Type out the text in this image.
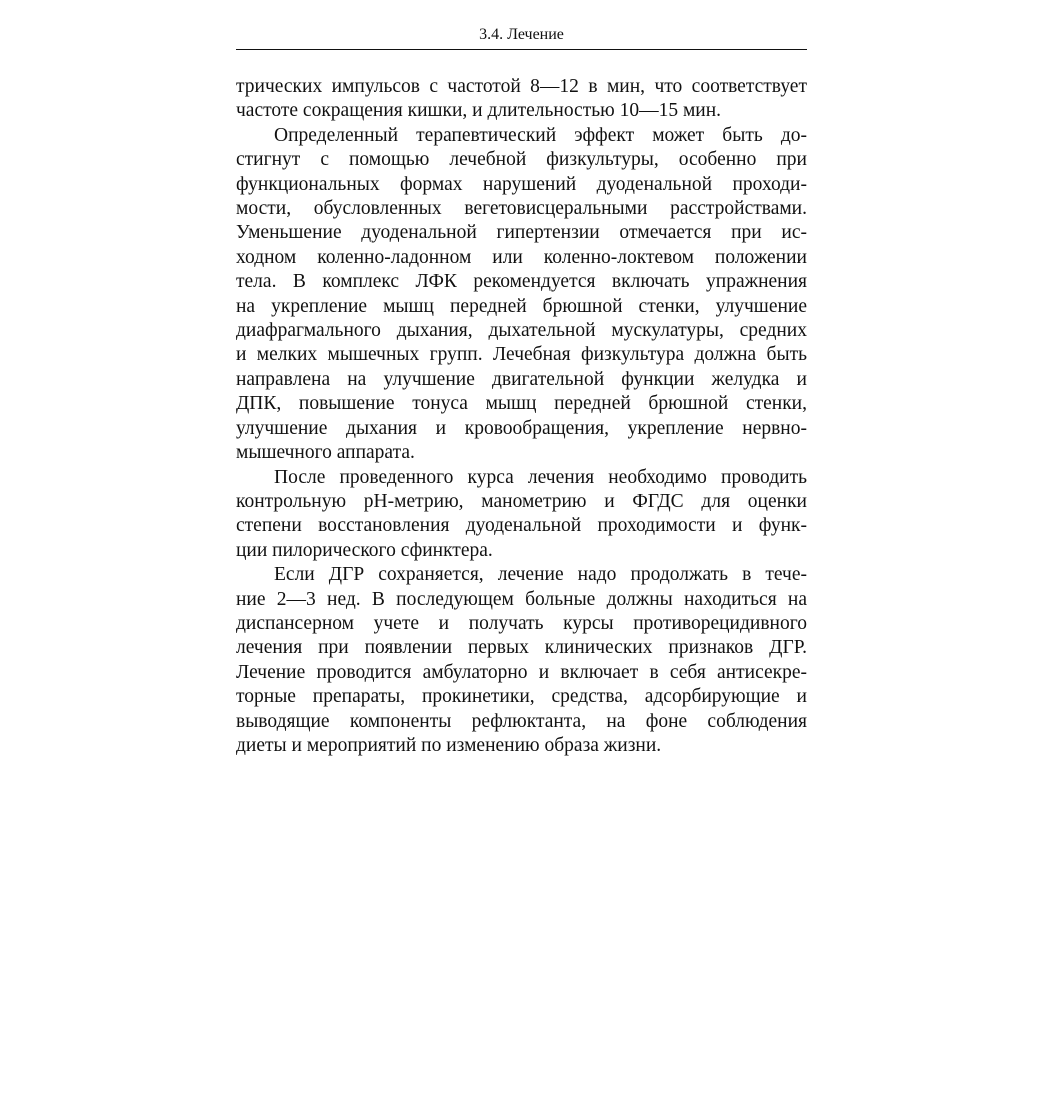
3.4. Лечение

трических импульсов с частотой 8—12 в мин, что соответствует
частоте сокращения кишки, и длительностью 10—15 мин.

Определенный терапевтический эффект может быть до-
стигнут с помощью лечебной физкультуры, особенно при
функциональных формах нарушений дуоденальной проходи-
мости, обусловленных вегетовисцеральными расстройствами.
Уменьшение дуоденальной гипертензии отмечается при ис-
ходном коленно-ладонном или коленно-локтевом положении
тела. В комплекс ЛФК рекомендуется включать упражнения
на укрепление мышц передней брюшной стенки, улучшение
диафрагмального дыхания, дыхательной мускулатуры, средних
и мелких мышечных групп. Лечебная физкультура должна быть
направлена на улучшение двигательной функции желудка и
ДПК, повышение тонуса мышц передней брюшной стенки,
улучшение дыхания и кровообращения, укрепление нервно-
мышечного аппарата.

После проведенного курса лечения необходимо проводить
контрольную рН-метрию, манометрию и ФГДС для оценки
степени восстановления дуоденальной проходимости и функ-
ции пилорического сфинктера.

Если ДГР сохраняется, лечение надо продолжать в тече-
ние 2—3 нед. В последующем больные должны находиться на
диспансерном учете и получать курсы противорецидивного
лечения при появлении первых клинических признаков ДГР.
Лечение проводится амбулаторно и включает в себя антисекре-
торные препараты, прокинетики, средства, адсорбирующие и
выводящие компоненты рефлюктанта, на фоне соблюдения
диеты и мероприятий по изменению образа жизни.
